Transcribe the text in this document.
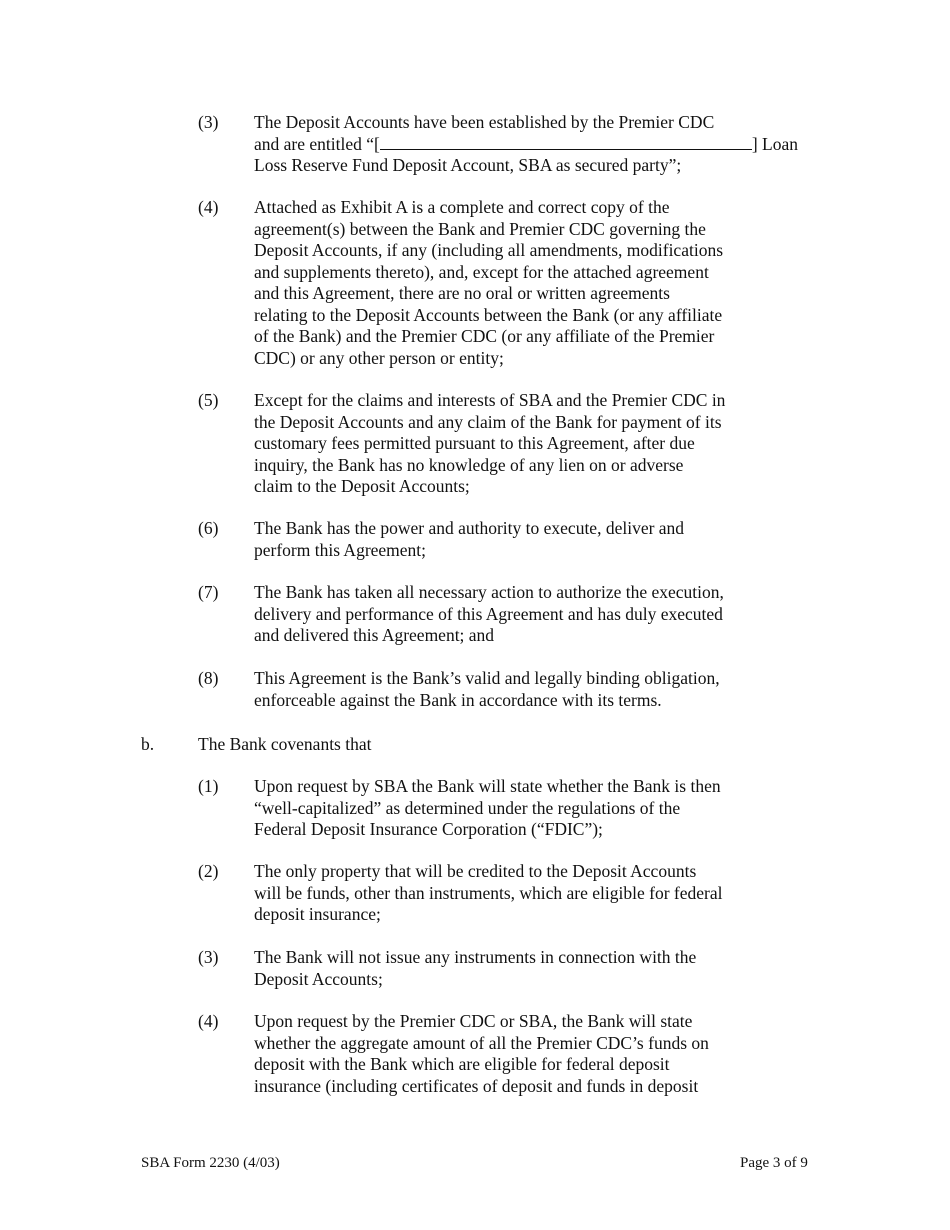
(3) The Deposit Accounts have been established by the Premier CDC
and are entitled “[	] Loan
Loss Reserve Fund Deposit Account, SBA as secured party”;
(4) Attached as Exhibit A is a complete and correct copy of the
agreement(s) between the Bank and Premier CDC governing the
Deposit Accounts, if any (including all amendments, modifications
and supplements thereto), and, except for the attached agreement
and this Agreement, there are no oral or written agreements
relating to the Deposit Accounts between the Bank (or any affiliate
of the Bank) and the Premier CDC (or any affiliate of the Premier
CDC) or any other person or entity;
(5) Except for the claims and interests of SBA and the Premier CDC in
the Deposit Accounts and any claim of the Bank for payment of its
customary fees permitted pursuant to this Agreement, after due
inquiry, the Bank has no knowledge of any lien on or adverse
claim to the Deposit Accounts;
(6) The Bank has the power and authority to execute, deliver and
perform this Agreement;
(7) The Bank has taken all necessary action to authorize the execution,
delivery and performance of this Agreement and has duly executed
and delivered this Agreement; and
(8) This Agreement is the Bank’s valid and legally binding obligation,
enforceable against the Bank in accordance with its terms.
b.	The Bank covenants that
(1) Upon request by SBA the Bank will state whether the Bank is then
“well-capitalized” as determined under the regulations of the
Federal Deposit Insurance Corporation (“FDIC”);
(2) The only property that will be credited to the Deposit Accounts
will be funds, other than instruments, which are eligible for federal
deposit insurance;
(3) The Bank will not issue any instruments in connection with the
Deposit Accounts;
(4) Upon request by the Premier CDC or SBA, the Bank will state
whether the aggregate amount of all the Premier CDC’s funds on
deposit with the Bank which are eligible for federal deposit
insurance (including certificates of deposit and funds in deposit
SBA Form 2230 (4/03)	Page 3 of 9
